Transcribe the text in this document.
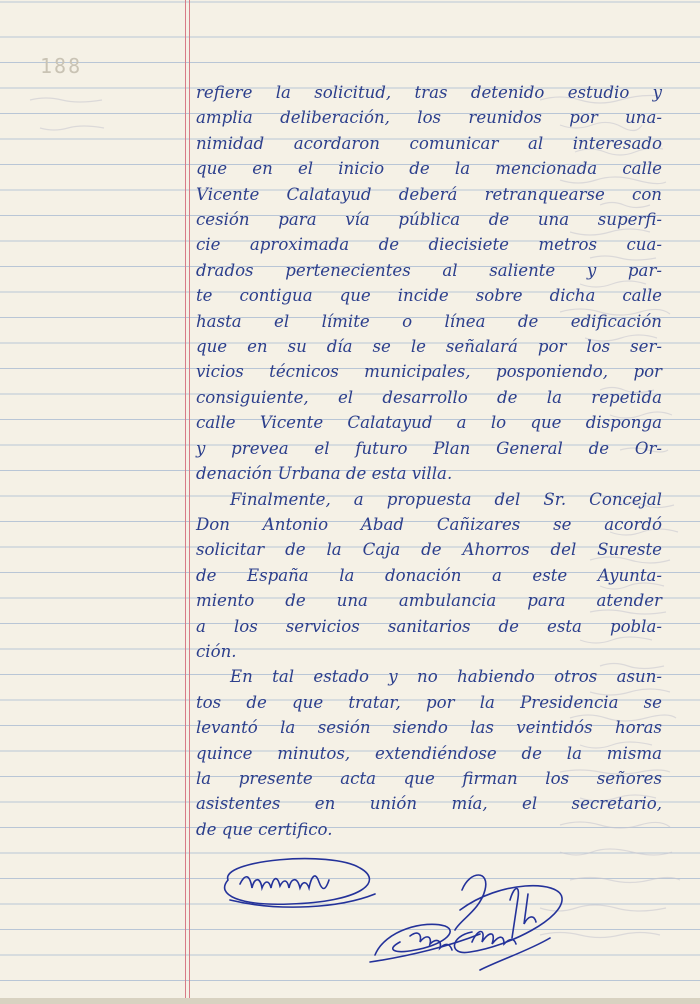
188
refiere la solicitud, tras detenido estudio y
amplia deliberación, los reunidos por una-
nimidad acordaron comunicar al interesado
que en el inicio de la mencionada calle
Vicente Calatayud deberá retranquearse con
cesión para vía pública de una superfi-
cie aproximada de diecisiete metros cua-
drados pertenecientes al saliente y par-
te contigua que incide sobre dicha calle
hasta el límite o línea de edificación
que en su día se le señalará por los ser-
vicios técnicos municipales, posponiendo, por
consiguiente, el desarrollo de la repetida
calle Vicente Calatayud a lo que disponga
y prevea el futuro Plan General de Or-
denación Urbana de esta villa.
Finalmente, a propuesta del Sr. Concejal
Don Antonio Abad Cañizares se acordó
solicitar de la Caja de Ahorros del Sureste
de España la donación a este Ayunta-
miento de una ambulancia para atender
a los servicios sanitarios de esta pobla-
ción.
En tal estado y no habiendo otros asun-
tos de que tratar, por la Presidencia se
levantó la sesión siendo las veintidós horas
quince minutos, extendiéndose de la misma
la presente acta que firman los señores
asistentes en unión mía, el secretario,
de que certifico.
